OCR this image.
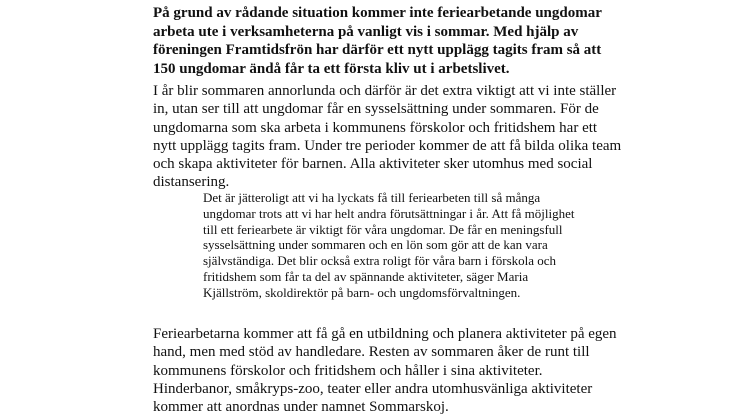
På grund av rådande situation kommer inte feriearbetande ungdomar arbeta ute i verksamheterna på vanligt vis i sommar. Med hjälp av föreningen Framtidsfrön har därför ett nytt upplägg tagits fram så att 150 ungdomar ändå får ta ett första kliv ut i arbetslivet.

I år blir sommaren annorlunda och därför är det extra viktigt att vi inte ställer in, utan ser till att ungdomar får en sysselsättning under sommaren. För de ungdomarna som ska arbeta i kommunens förskolor och fritidshem har ett nytt upplägg tagits fram. Under tre perioder kommer de att få bilda olika team och skapa aktiviteter för barnen. Alla aktiviteter sker utomhus med social distansering.

Det är jätteroligt att vi ha lyckats få till feriearbeten till så många ungdomar trots att vi har helt andra förutsättningar i år. Att få möjlighet till ett feriearbete är viktigt för våra ungdomar. De får en meningsfull sysselsättning under sommaren och en lön som gör att de kan vara självständiga. Det blir också extra roligt för våra barn i förskola och fritidshem som får ta del av spännande aktiviteter, säger Maria Kjällström, skoldirektör på barn- och ungdomsförvaltningen.

Feriearbetarna kommer att få gå en utbildning och planera aktiviteter på egen hand, men med stöd av handledare. Resten av sommaren åker de runt till kommunens förskolor och fritidshem och håller i sina aktiviteter. Hinderbanor, småkryps-zoo, teater eller andra utomhusvänliga aktiviteter kommer att anordnas under namnet Sommarskoj.
